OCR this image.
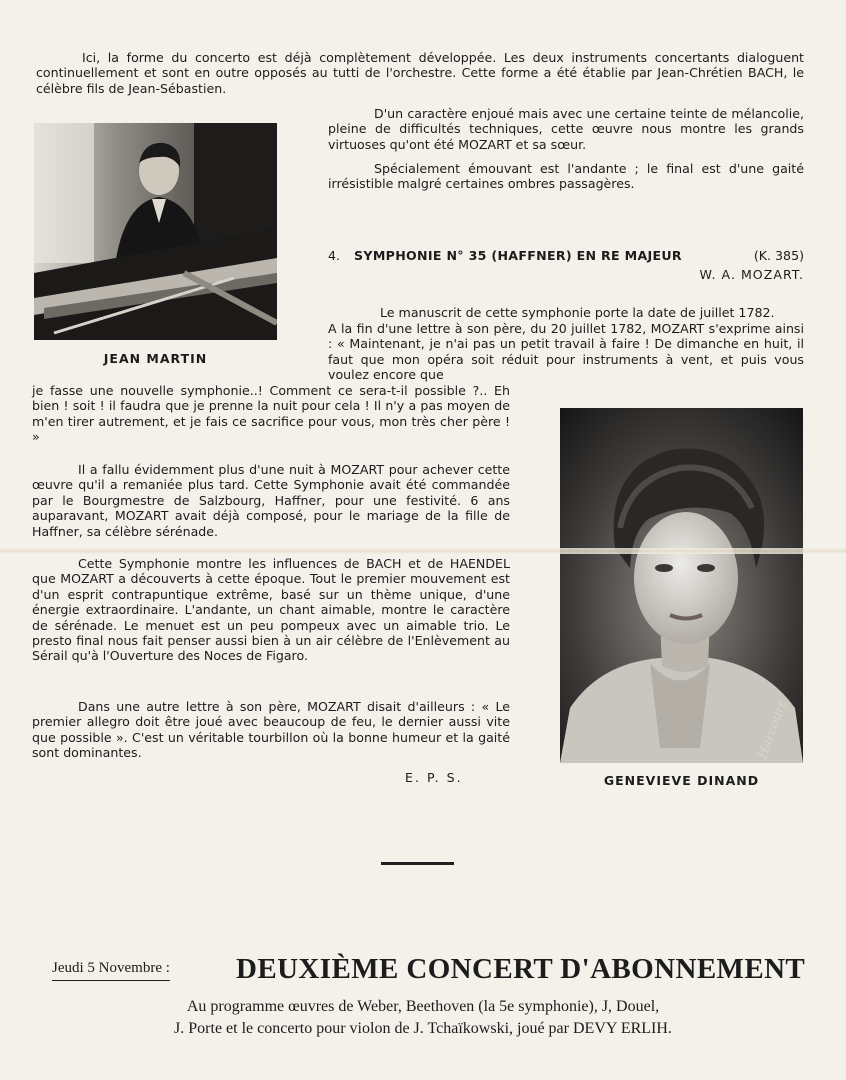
Ici, la forme du concerto est déjà complètement développée. Les deux instruments concertants dialoguent continuellement et sont en outre opposés au tutti de l'orchestre. Cette forme a été établie par Jean-Chrétien BACH, le célèbre fils de Jean-Sébastien.

JEAN MARTIN

D'un caractère enjoué mais avec une certaine teinte de mélancolie, pleine de difficultés techniques, cette œuvre nous montre les grands virtuoses qu'ont été MOZART et sa sœur.

Spécialement émouvant est l'andante ; le final est d'une gaité irrésistible malgré certaines ombres passagères.

4. SYMPHONIE N° 35 (HAFFNER) EN RE MAJEUR	(K. 385)
W. A. MOZART.

Le manuscrit de cette symphonie porte la date de juillet 1782.

A la fin d'une lettre à son père, du 20 juillet 1782, MOZART s'exprime ainsi : « Maintenant, je n'ai pas un petit travail à faire ! De dimanche en huit, il faut que mon opéra soit réduit pour instruments à vent, et puis vous voulez encore que

je fasse une nouvelle symphonie..! Comment ce sera-t-il possible ?.. Eh bien ! soit ! il faudra que je prenne la nuit pour cela ! Il n'y a pas moyen de m'en tirer autrement, et je fais ce sacrifice pour vous, mon très cher père ! »

Il a fallu évidemment plus d'une nuit à MOZART pour achever cette œuvre qu'il a remaniée plus tard. Cette Symphonie avait été commandée par le Bourgmestre de Salzbourg, Haffner, pour une festivité. 6 ans auparavant, MOZART avait déjà composé, pour le mariage de la fille de Haffner, sa célèbre sérénade.

Cette Symphonie montre les influences de BACH et de HAENDEL que MOZART a découverts à cette époque. Tout le premier mouvement est d'un esprit contrapuntique extrême, basé sur un thème unique, d'une énergie extraordinaire. L'andante, un chant aimable, montre le caractère de sérénade. Le menuet est un peu pompeux avec un aimable trio. Le presto final nous fait penser aussi bien à un air célèbre de l'Enlèvement au Sérail qu'à l'Ouverture des Noces de Figaro.

Dans une autre lettre à son père, MOZART disait d'ailleurs : « Le premier allegro doit être joué avec beaucoup de feu, le dernier aussi vite que possible ». C'est un véritable tourbillon où la bonne humeur et la gaité sont dominantes.

E. P. S.
Harcourt
GENEVIEVE DINAND
Jeudi 5 Novembre : DEUXIÈME CONCERT D'ABONNEMENT
Au programme œuvres de Weber, Beethoven (la 5e symphonie), J, Douel,
J. Porte et le concerto pour violon de J. Tchaïkowski, joué par DEVY ERLIH.
